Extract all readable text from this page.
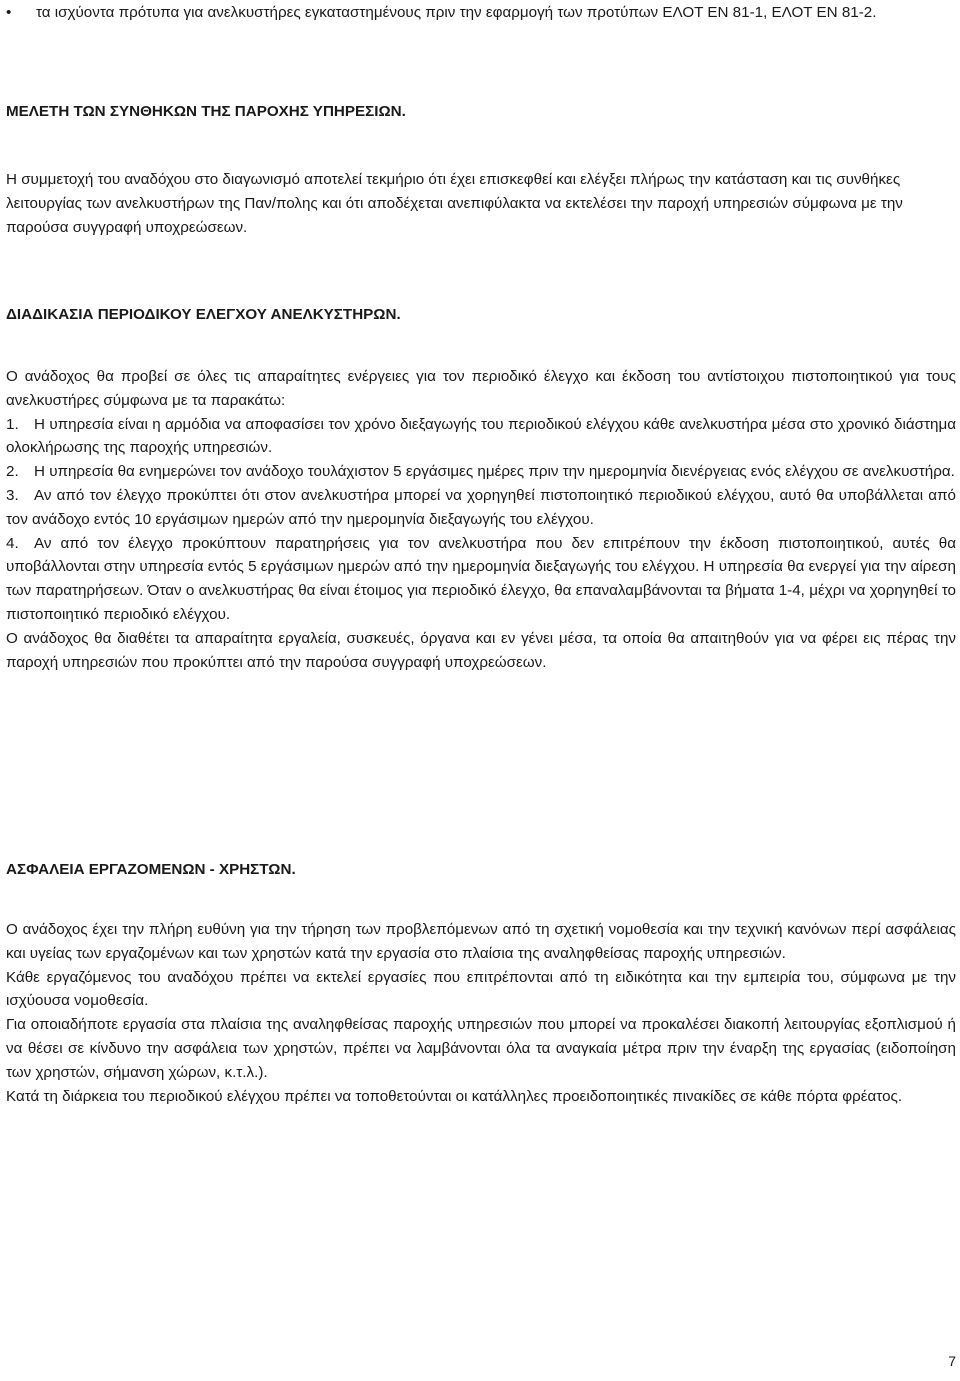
•	τα ισχύοντα πρότυπα για ανελκυστήρες εγκαταστημένους πριν την εφαρμογή των προτύπων ΕΛΟΤ ΕΝ 81-1, ΕΛΟΤ ΕΝ 81-2.

ΜΕΛΕΤΗ ΤΩΝ ΣΥΝΘΗΚΩΝ ΤΗΣ ΠΑΡΟΧΗΣ ΥΠΗΡΕΣΙΩΝ.

Η συμμετοχή του αναδόχου στο διαγωνισμό αποτελεί τεκμήριο ότι έχει επισκεφθεί και ελέγξει πλήρως την κατάσταση και τις συνθήκες λειτουργίας των ανελκυστήρων της Παν/πολης και ότι αποδέχεται ανεπιφύλακτα να εκτελέσει την παροχή υπηρεσιών σύμφωνα με την παρούσα συγγραφή υποχρεώσεων.

ΔΙΑΔΙΚΑΣΙΑ ΠΕΡΙΟΔΙΚΟΥ ΕΛΕΓΧΟΥ ΑΝΕΛΚΥΣΤΗΡΩΝ.

Ο ανάδοχος θα προβεί σε όλες τις απαραίτητες ενέργειες για τον περιοδικό έλεγχο και έκδοση του αντίστοιχου πιστοποιητικού για τους ανελκυστήρες σύμφωνα με τα παρακάτω:

1. Η υπηρεσία είναι η αρμόδια να αποφασίσει τον χρόνο διεξαγωγής του περιοδικού ελέγχου κάθε ανελκυστήρα μέσα στο χρονικό διάστημα ολοκλήρωσης της παροχής υπηρεσιών.

2. Η υπηρεσία θα ενημερώνει τον ανάδοχο τουλάχιστον 5 εργάσιμες ημέρες πριν την ημερομηνία διενέργειας ενός ελέγχου σε ανελκυστήρα.

3. Αν από τον έλεγχο προκύπτει ότι στον ανελκυστήρα μπορεί να χορηγηθεί πιστοποιητικό περιοδικού ελέγχου, αυτό θα υποβάλλεται από τον ανάδοχο εντός 10 εργάσιμων ημερών από την ημερομηνία διεξαγωγής του ελέγχου.

4. Αν από τον έλεγχο προκύπτουν παρατηρήσεις για τον ανελκυστήρα που δεν επιτρέπουν την έκδοση πιστοποιητικού, αυτές θα υποβάλλονται στην υπηρεσία εντός 5 εργάσιμων ημερών από την ημερομηνία διεξαγωγής του ελέγχου. Η υπηρεσία θα ενεργεί για την αίρεση των παρατηρήσεων. Όταν ο ανελκυστήρας θα είναι έτοιμος για περιοδικό έλεγχο, θα επαναλαμβάνονται τα βήματα 1-4, μέχρι να χορηγηθεί το πιστοποιητικό περιοδικό ελέγχου.

Ο ανάδοχος θα διαθέτει τα απαραίτητα εργαλεία, συσκευές, όργανα και εν γένει μέσα, τα οποία θα απαιτηθούν για να φέρει εις πέρας την παροχή υπηρεσιών που προκύπτει από την παρούσα συγγραφή υποχρεώσεων.

ΑΣΦΑΛΕΙΑ ΕΡΓΑΖΟΜΕΝΩΝ - ΧΡΗΣΤΩΝ.

Ο ανάδοχος έχει την πλήρη ευθύνη για την τήρηση των προβλεπόμενων από τη σχετική νομοθεσία και την τεχνική κανόνων περί ασφάλειας και υγείας των εργαζομένων και των χρηστών κατά την εργασία στο πλαίσια της αναληφθείσας παροχής υπηρεσιών.

Κάθε εργαζόμενος του αναδόχου πρέπει να εκτελεί εργασίες που επιτρέπονται από τη ειδικότητα και την εμπειρία του, σύμφωνα με την ισχύουσα νομοθεσία.

Για οποιαδήποτε εργασία στα πλαίσια της αναληφθείσας παροχής υπηρεσιών που μπορεί να προκαλέσει διακοπή λειτουργίας εξοπλισμού ή να θέσει σε κίνδυνο την ασφάλεια των χρηστών, πρέπει να λαμβάνονται όλα τα αναγκαία μέτρα πριν την έναρξη της εργασίας (ειδοποίηση των χρηστών, σήμανση χώρων, κ.τ.λ.).

Κατά τη διάρκεια του περιοδικού ελέγχου πρέπει να τοποθετούνται οι κατάλληλες προειδοποιητικές πινακίδες σε κάθε πόρτα φρέατος.

7
